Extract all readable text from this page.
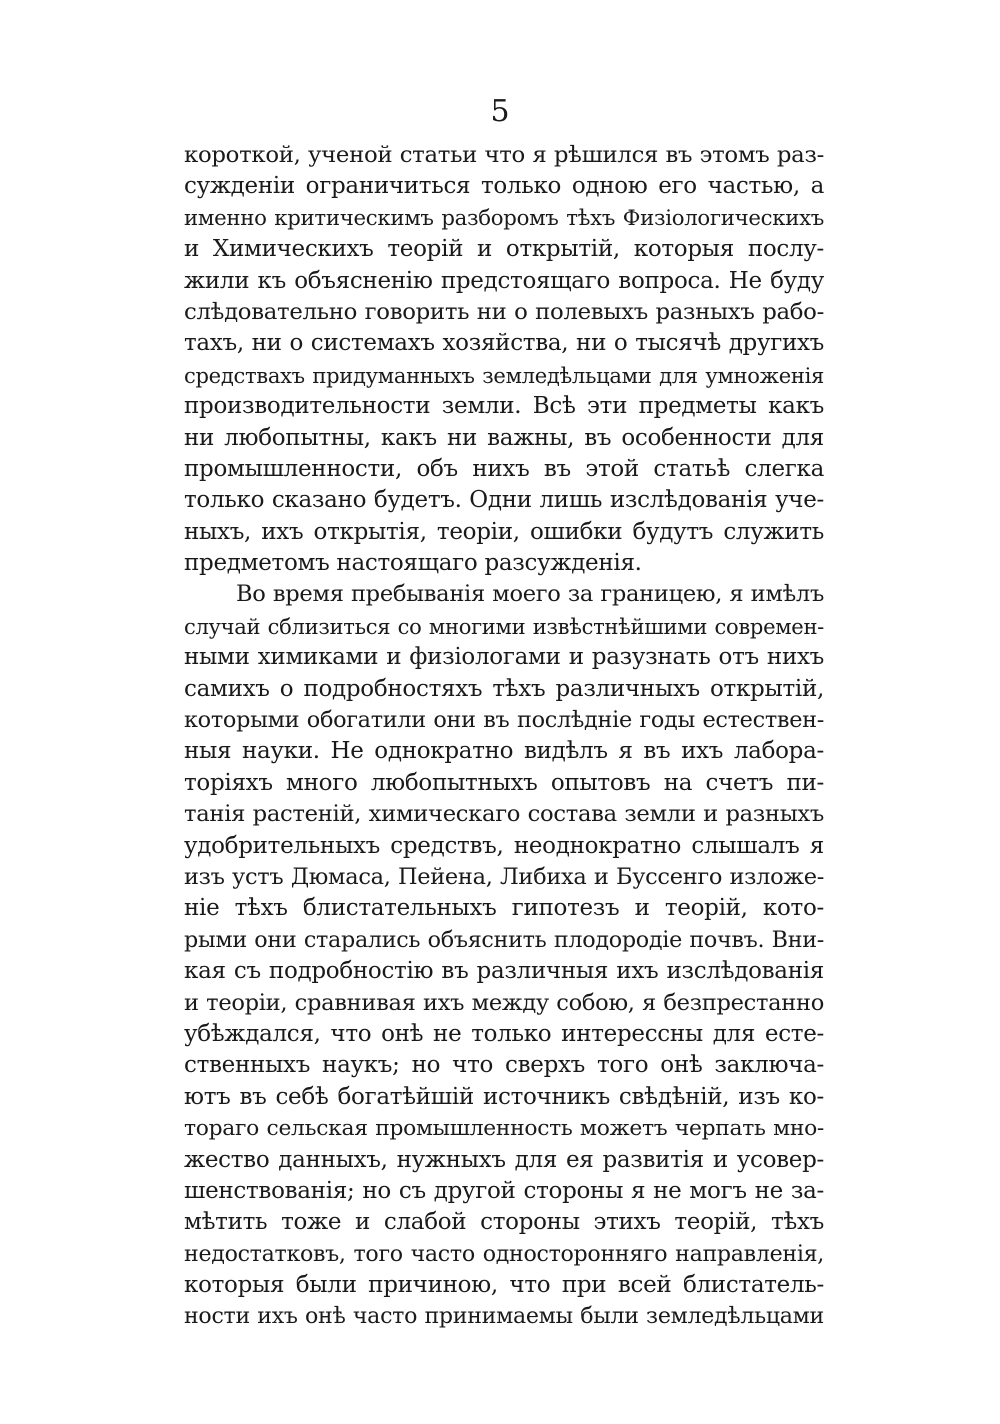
5
короткой, ученой статьи что я рѣшился въ этомъ раз-
сужденіи ограничиться только одною его частью, а
именно критическимъ разборомъ тѣхъ Физіологическихъ
и Химическихъ теорій и открытій, которыя послу-
жили къ объясненію предстоящаго вопроса. Не буду
слѣдовательно говорить ни о полевыхъ разныхъ рабо-
тахъ, ни о системахъ хозяйства, ни о тысячѣ другихъ
средствахъ придуманныхъ земледѣльцами для умноженія
производительности земли. Всѣ эти предметы какъ
ни любопытны, какъ ни важны, въ особенности для
промышленности, объ нихъ въ этой статьѣ слегка
только сказано будетъ. Одни лишь изслѣдованія уче-
ныхъ, ихъ открытія, теоріи, ошибки будутъ служить
предметомъ настоящаго разсужденія.
Во время пребыванія моего за границею, я имѣлъ
случай сблизиться со многими извѣстнѣйшими современ-
ными химиками и физіологами и разузнать отъ нихъ
самихъ о подробностяхъ тѣхъ различныхъ открытій,
которыми обогатили они въ послѣдніе годы естествен-
ныя науки. Не однократно видѣлъ я въ ихъ лабора-
торіяхъ много любопытныхъ опытовъ на счетъ пи-
танія растеній, химическаго состава земли и разныхъ
удобрительныхъ средствъ, неоднократно слышалъ я
изъ устъ Дюмаса, Пейена, Либиха и Буссенго изложе-
ніе тѣхъ блистательныхъ гипотезъ и теорій, кото-
рыми они старались объяснить плодородіе почвъ. Вни-
кая съ подробностію въ различныя ихъ изслѣдованія
и теоріи, сравнивая ихъ между собою, я безпрестанно
убѣждался, что онѣ не только интерессны для есте-
ственныхъ наукъ; но что сверхъ того онѣ заключа-
ютъ въ себѣ богатѣйшій источникъ свѣдѣній, изъ ко-
тораго сельская промышленность можетъ черпать мно-
жество данныхъ, нужныхъ для ея развитія и усовер-
шенствованія; но съ другой стороны я не могъ не за-
мѣтить тоже и слабой стороны этихъ теорій, тѣхъ
недостатковъ, того часто односторонняго направленія,
которыя были причиною, что при всей блистатель-
ности ихъ онѣ часто принимаемы были земледѣльцами
